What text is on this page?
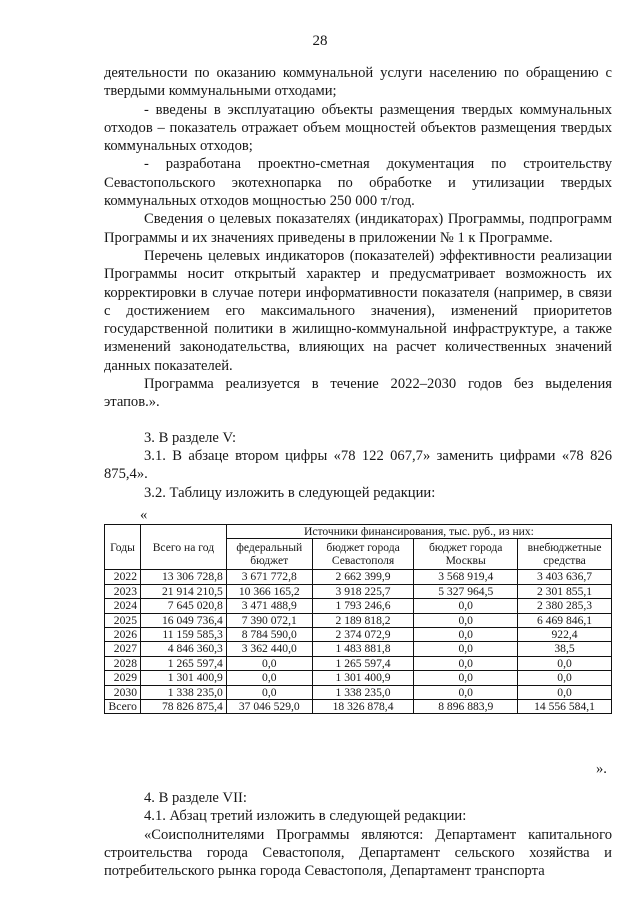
28

деятельности по оказанию коммунальной услуги населению по обращению с твердыми коммунальными отходами;

- введены в эксплуатацию объекты размещения твердых коммунальных отходов – показатель отражает объем мощностей объектов размещения твердых коммунальных отходов;

- разработана проектно-сметная документация по строительству Севастопольского экотехнопарка по обработке и утилизации твердых коммунальных отходов мощностью 250 000 т/год.

Сведения о целевых показателях (индикаторах) Программы, подпрограмм Программы и их значениях приведены в приложении № 1 к Программе.

Перечень целевых индикаторов (показателей) эффективности реализации Программы носит открытый характер и предусматривает возможность их корректировки в случае потери информативности показателя (например, в связи с достижением его максимального значения), изменений приоритетов государственной политики в жилищно-коммунальной инфраструктуре, а также изменений законодательства, влияющих на расчет количественных значений данных показателей.

Программа реализуется в течение 2022–2030 годов без выделения этапов.».

3. В разделе V:

3.1. В абзаце втором цифры «78 122 067,7» заменить цифрами «78 826 875,4».

3.2. Таблицу изложить в следующей редакции:

«
Годы	Всего на год	Источники финансирования, тыс. руб., из них:			
		федеральный бюджет	бюджет города Севастополя	бюджет города Москвы	внебюджетные средства
2022	13 306 728,8	3 671 772,8	2 662 399,9	3 568 919,4	3 403 636,7
2023	21 914 210,5	10 366 165,2	3 918 225,7	5 327 964,5	2 301 855,1
2024	7 645 020,8	3 471 488,9	1 793 246,6	0,0	2 380 285,3
2025	16 049 736,4	7 390 072,1	2 189 818,2	0,0	6 469 846,1
2026	11 159 585,3	8 784 590,0	2 374 072,9	0,0	922,4
2027	4 846 360,3	3 362 440,0	1 483 881,8	0,0	38,5
2028	1 265 597,4	0,0	1 265 597,4	0,0	0,0
2029	1 301 400,9	0,0	1 301 400,9	0,0	0,0
2030	1 338 235,0	0,0	1 338 235,0	0,0	0,0
Всего	78 826 875,4	37 046 529,0	18 326 878,4	8 896 883,9	14 556 584,1
».

4. В разделе VII:

4.1. Абзац третий изложить в следующей редакции:

«Соисполнителями Программы являются: Департамент капитального строительства города Севастополя, Департамент сельского хозяйства и потребительского рынка города Севастополя, Департамент транспорта
